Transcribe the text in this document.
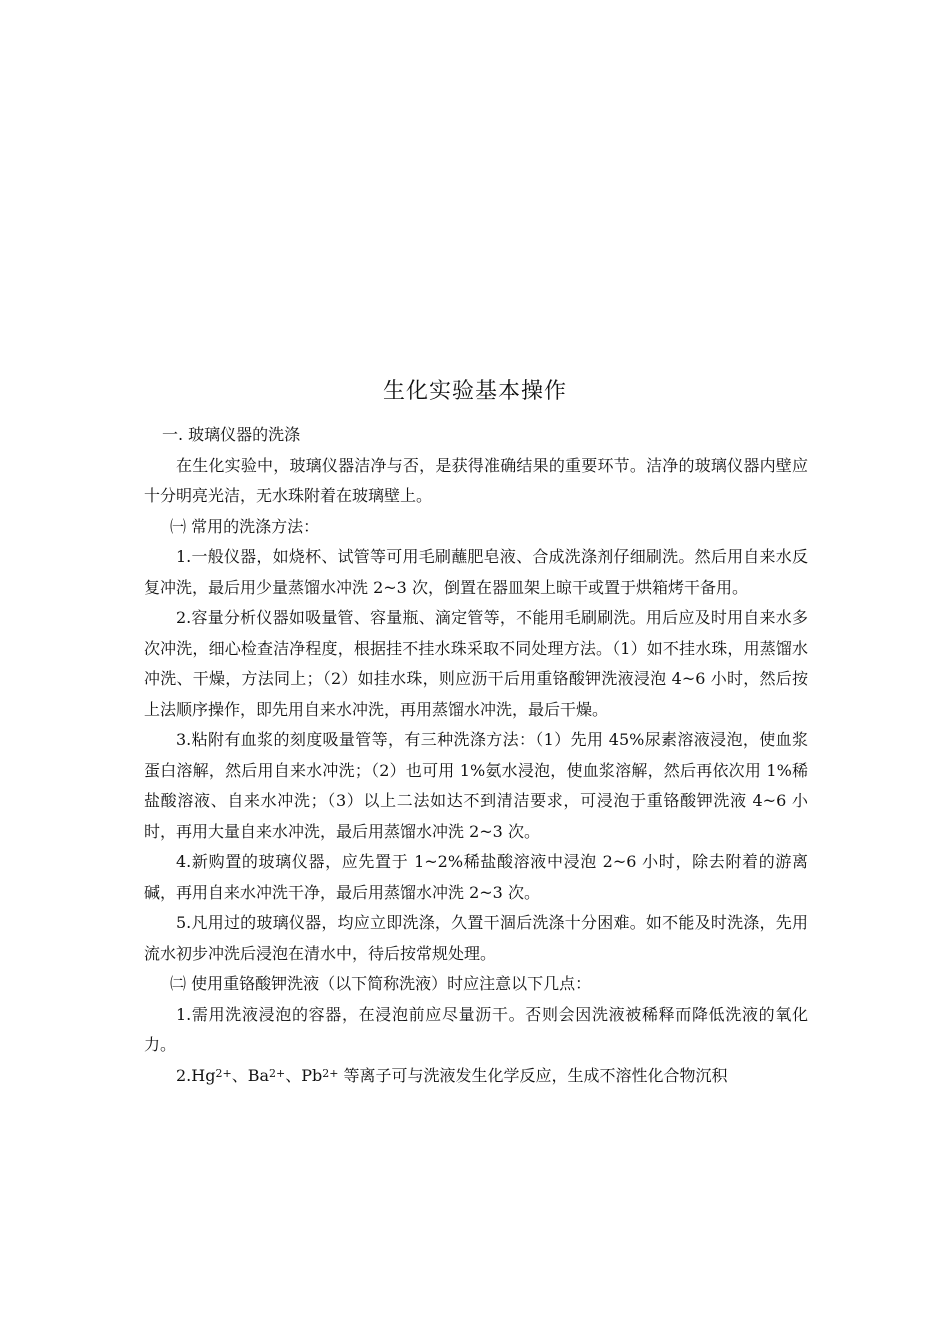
生化实验基本操作

一. 玻璃仪器的洗涤

在生化实验中，玻璃仪器洁净与否，是获得准确结果的重要环节。洁净的玻璃仪器内壁应十分明亮光洁，无水珠附着在玻璃壁上。

㈠ 常用的洗涤方法：

1.一般仪器，如烧杯、试管等可用毛刷蘸肥皂液、合成洗涤剂仔细刷洗。然后用自来水反复冲洗，最后用少量蒸馏水冲洗 2~3 次，倒置在器皿架上晾干或置于烘箱烤干备用。

2.容量分析仪器如吸量管、容量瓶、滴定管等，不能用毛刷刷洗。用后应及时用自来水多次冲洗，细心检查洁净程度，根据挂不挂水珠采取不同处理方法。（1）如不挂水珠，用蒸馏水冲洗、干燥，方法同上；（2）如挂水珠，则应沥干后用重铬酸钾洗液浸泡 4~6 小时，然后按上法顺序操作，即先用自来水冲洗，再用蒸馏水冲洗，最后干燥。

3.粘附有血浆的刻度吸量管等，有三种洗涤方法：（1）先用 45%尿素溶液浸泡，使血浆蛋白溶解，然后用自来水冲洗；（2）也可用 1%氨水浸泡，使血浆溶解，然后再依次用 1%稀盐酸溶液、自来水冲洗；（3）以上二法如达不到清洁要求，可浸泡于重铬酸钾洗液 4~6 小时，再用大量自来水冲洗，最后用蒸馏水冲洗 2~3 次。

4.新购置的玻璃仪器，应先置于 1~2%稀盐酸溶液中浸泡 2~6 小时，除去附着的游离碱，再用自来水冲洗干净，最后用蒸馏水冲洗 2~3 次。

5.凡用过的玻璃仪器，均应立即洗涤，久置干涸后洗涤十分困难。如不能及时洗涤，先用流水初步冲洗后浸泡在清水中，待后按常规处理。

㈡ 使用重铬酸钾洗液（以下简称洗液）时应注意以下几点：

1.需用洗液浸泡的容器，在浸泡前应尽量沥干。否则会因洗液被稀释而降低洗液的氧化力。

$2.Hg^{2+}$、$Ba^{2+}$、$Pb^{2+}$ 等离子可与洗液发生化学反应，生成不溶性化合物沉积
